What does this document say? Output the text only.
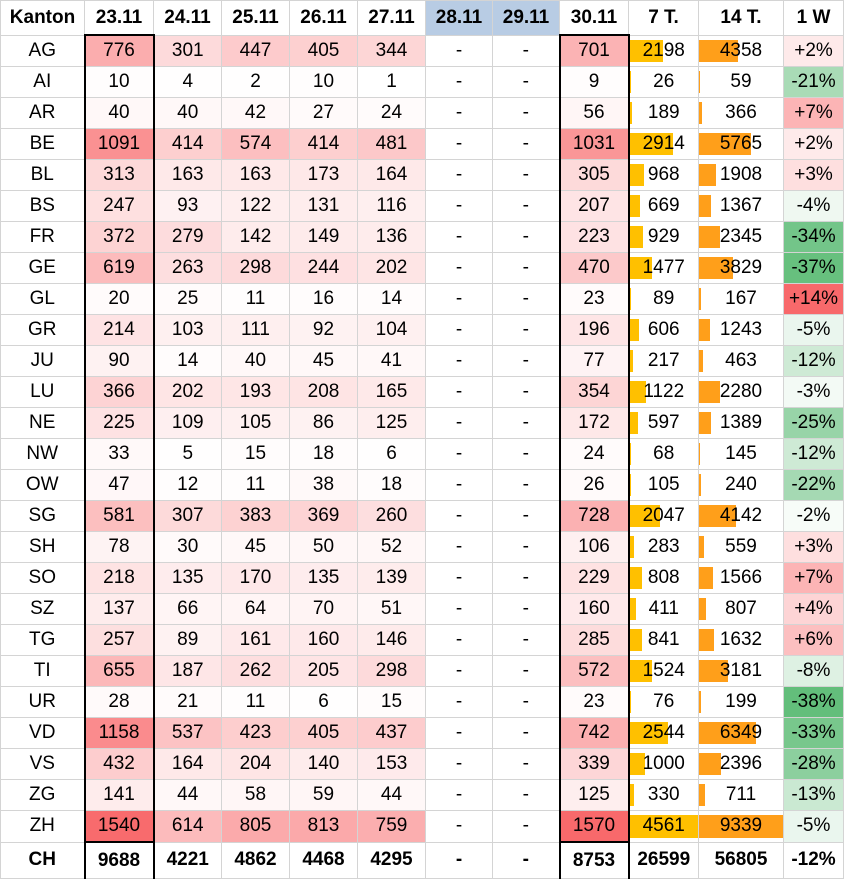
Kanton	23.11	24.11	25.11	26.11	27.11	28.11	29.11	30.11	7 T.	14 T.	1 W
AG	776	301	447	405	344	-	-	701	2198	4358	+2%
AI	10	4	2	10	1	-	-	9	26	59	-21%
AR	40	40	42	27	24	-	-	56	189	366	+7%
BE	1091	414	574	414	481	-	-	1031	2914	5765	+2%
BL	313	163	163	173	164	-	-	305	968	1908	+3%
BS	247	93	122	131	116	-	-	207	669	1367	-4%
FR	372	279	142	149	136	-	-	223	929	2345	-34%
GE	619	263	298	244	202	-	-	470	1477	3829	-37%
GL	20	25	11	16	14	-	-	23	89	167	+14%
GR	214	103	111	92	104	-	-	196	606	1243	-5%
JU	90	14	40	45	41	-	-	77	217	463	-12%
LU	366	202	193	208	165	-	-	354	1122	2280	-3%
NE	225	109	105	86	125	-	-	172	597	1389	-25%
NW	33	5	15	18	6	-	-	24	68	145	-12%
OW	47	12	11	38	18	-	-	26	105	240	-22%
SG	581	307	383	369	260	-	-	728	2047	4142	-2%
SH	78	30	45	50	52	-	-	106	283	559	+3%
SO	218	135	170	135	139	-	-	229	808	1566	+7%
SZ	137	66	64	70	51	-	-	160	411	807	+4%
TG	257	89	161	160	146	-	-	285	841	1632	+6%
TI	655	187	262	205	298	-	-	572	1524	3181	-8%
UR	28	21	11	6	15	-	-	23	76	199	-38%
VD	1158	537	423	405	437	-	-	742	2544	6349	-33%
VS	432	164	204	140	153	-	-	339	1000	2396	-28%
ZG	141	44	58	59	44	-	-	125	330	711	-13%
ZH	1540	614	805	813	759	-	-	1570	4561	9339	-5%
CH	9688	4221	4862	4468	4295	-	-	8753	26599	56805	-12%
